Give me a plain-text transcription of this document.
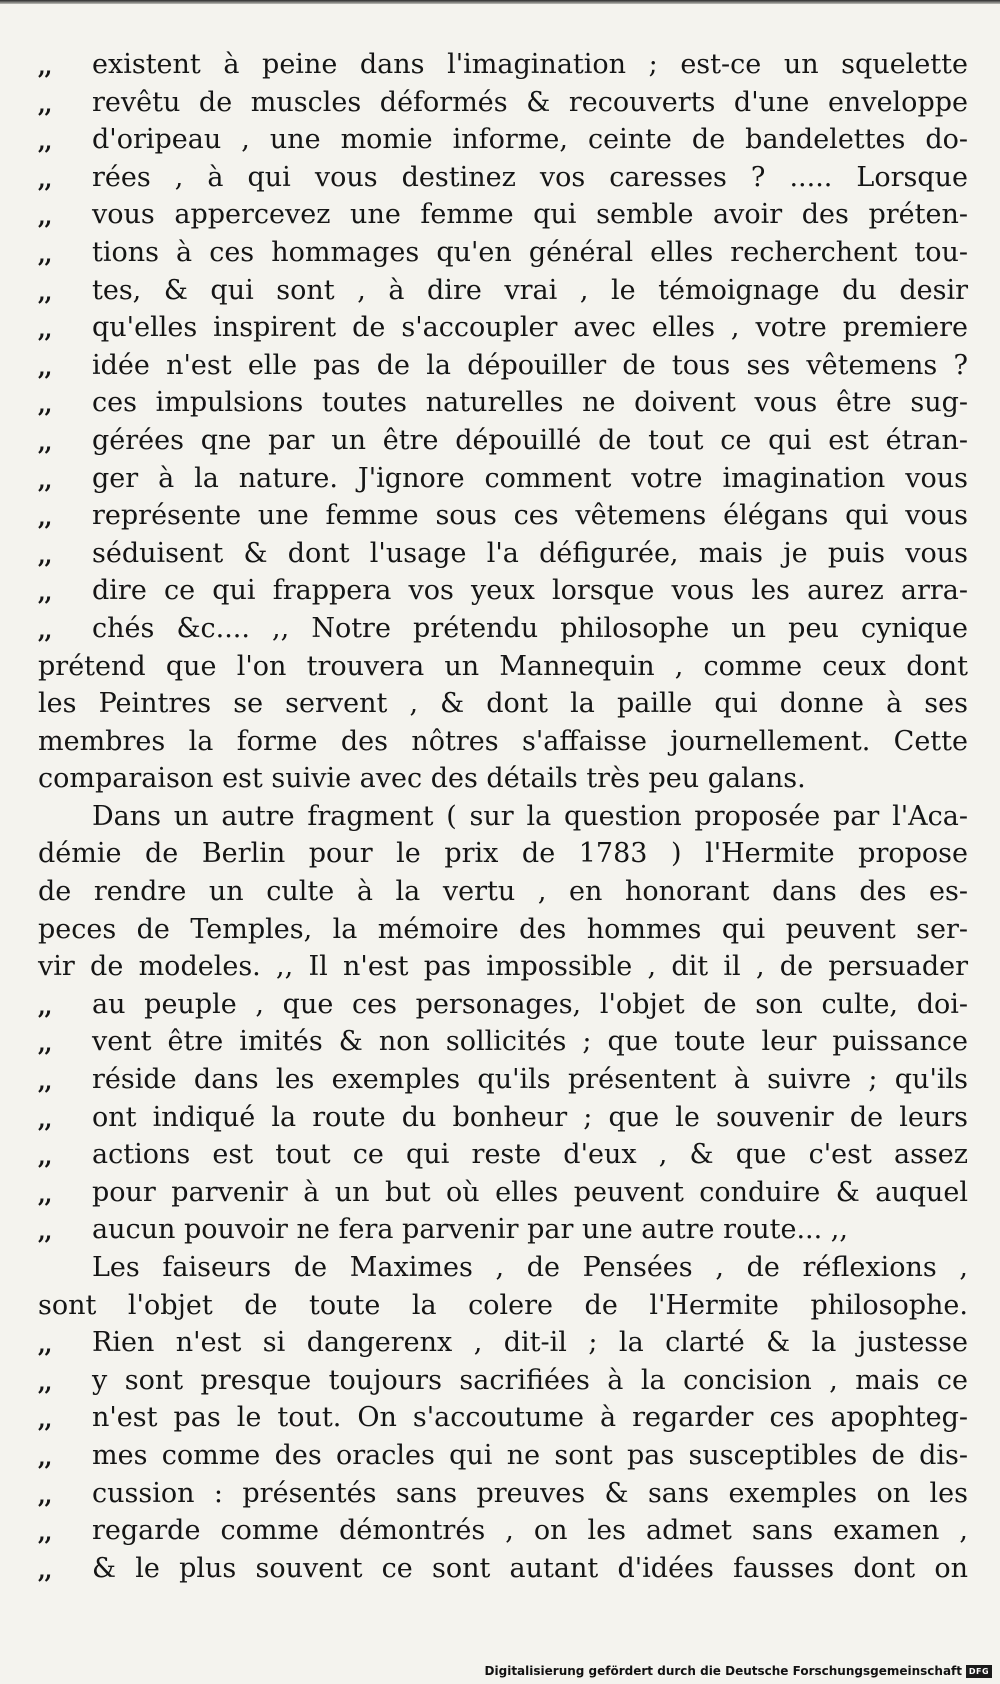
,,	existent à peine dans l'imagination ; est-ce un squelette
,,	revêtu de muscles déformés & recouverts d'une enveloppe
,,	d'oripeau , une momie informe, ceinte de bandelettes do-
,,	rées , à qui vous destinez vos caresses ? ..... Lorsque
,,	vous appercevez une femme qui semble avoir des préten-
,,	tions à ces hommages qu'en général elles recherchent tou-
,,	tes, & qui sont , à dire vrai , le témoignage du desir
,,	qu'elles inspirent de s'accoupler avec elles , votre premiere
,,	idée n'est elle pas de la dépouiller de tous ses vêtemens ?
,,	ces impulsions toutes naturelles ne doivent vous être sug-
,,	gérées qne par un être dépouillé de tout ce qui est étran-
,,	ger à la nature. J'ignore comment votre imagination vous
,,	représente une femme sous ces vêtemens élégans qui vous
,,	séduisent & dont l'usage l'a défigurée, mais je puis vous
,,	dire ce qui frappera vos yeux lorsque vous les aurez arra-
,,	chés &c.... ,, Notre prétendu philosophe un peu cynique
prétend que l'on trouvera un Mannequin , comme ceux dont
les Peintres se servent , & dont la paille qui donne à ses
membres la forme des nôtres s'affaisse journellement. Cette
comparaison est suivie avec des détails très peu galans.
Dans un autre fragment ( sur la question proposée par l'Aca-
démie de Berlin pour le prix de 1783 ) l'Hermite propose
de rendre un culte à la vertu , en honorant dans des es-
peces de Temples, la mémoire des hommes qui peuvent ser-
vir de modeles. ,, Il n'est pas impossible , dit il , de persuader
,,	au peuple , que ces personages, l'objet de son culte, doi-
,,	vent être imités & non sollicités ; que toute leur puissance
,,	réside dans les exemples qu'ils présentent à suivre ; qu'ils
,,	ont indiqué la route du bonheur ; que le souvenir de leurs
,,	actions est tout ce qui reste d'eux , & que c'est assez
,,	pour parvenir à un but où elles peuvent conduire & auquel
,,	aucun pouvoir ne fera parvenir par une autre route... ,,
Les faiseurs de Maximes , de Pensées , de réflexions ,
sont l'objet de toute la colere de l'Hermite philosophe.
,,	Rien n'est si dangerenx , dit-il ; la clarté & la justesse
,,	y sont presque toujours sacrifiées à la concision , mais ce
,,	n'est pas le tout. On s'accoutume à regarder ces apophteg-
,,	mes comme des oracles qui ne sont pas susceptibles de dis-
,,	cussion : présentés sans preuves & sans exemples on les
,,	regarde comme démontrés , on les admet sans examen ,
,,	& le plus souvent ce sont autant d'idées fausses dont on
Digitalisierung gefördert durch die Deutsche Forschungsgemeinschaft DFG
